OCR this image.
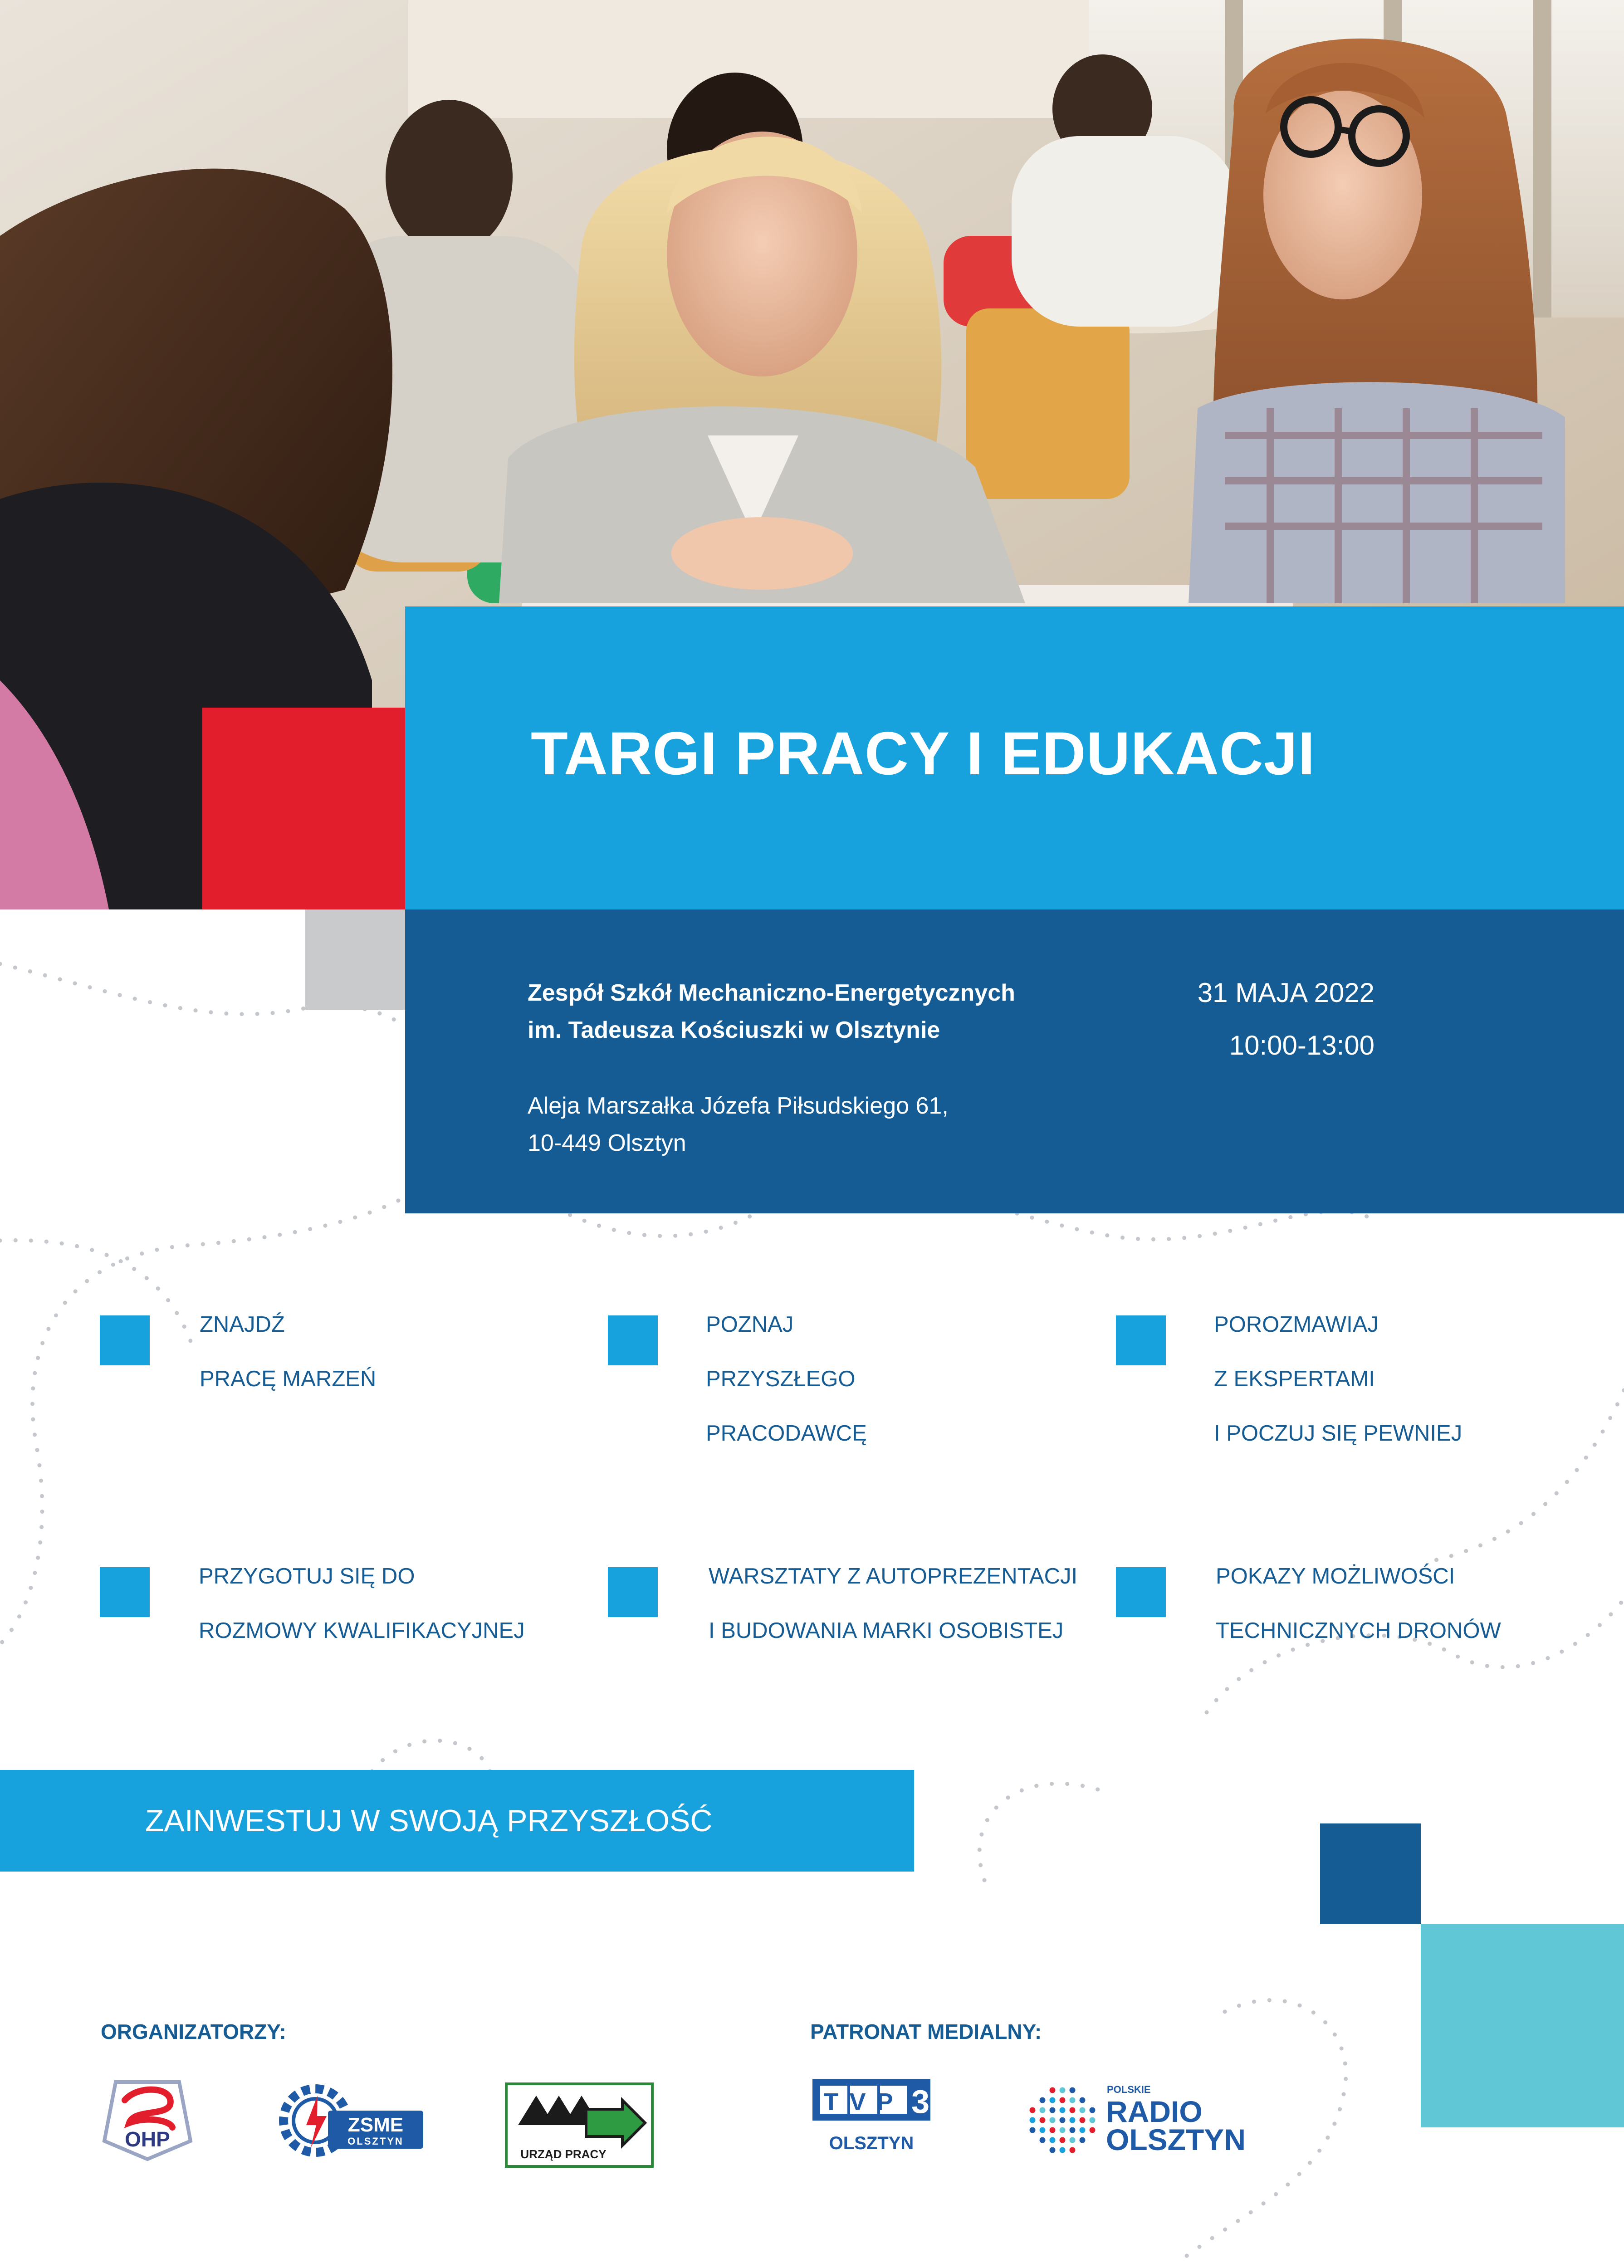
TARGI PRACY I EDUKACJI
Zespół Szkół Mechaniczno-Energetycznych
im. Tadeusza Kościuszki w Olsztynie
Aleja Marszałka Józefa Piłsudskiego 61,
10-449 Olsztyn
31 MAJA 2022
10:00-13:00
ZNAJDŹ
PRACĘ MARZEŃ
POZNAJ
PRZYSZŁEGO
PRACODAWCĘ
POROZMAWIAJ
Z EKSPERTAMI
I POCZUJ SIĘ PEWNIEJ
PRZYGOTUJ SIĘ DO
ROZMOWY KWALIFIKACYJNEJ
WARSZTATY Z AUTOPREZENTACJI
I BUDOWANIA MARKI OSOBISTEJ
POKAZY MOŻLIWOŚCI
TECHNICZNYCH DRONÓW
ZAINWESTUJ W SWOJĄ PRZYSZŁOŚĆ
ORGANIZATORZY:	PATRONAT MEDIALNY:
OHP
ZSME
OLSZTYN
URZĄD PRACY
TVP 3
OLSZTYN
POLSKIE
RADIO
OLSZTYN
